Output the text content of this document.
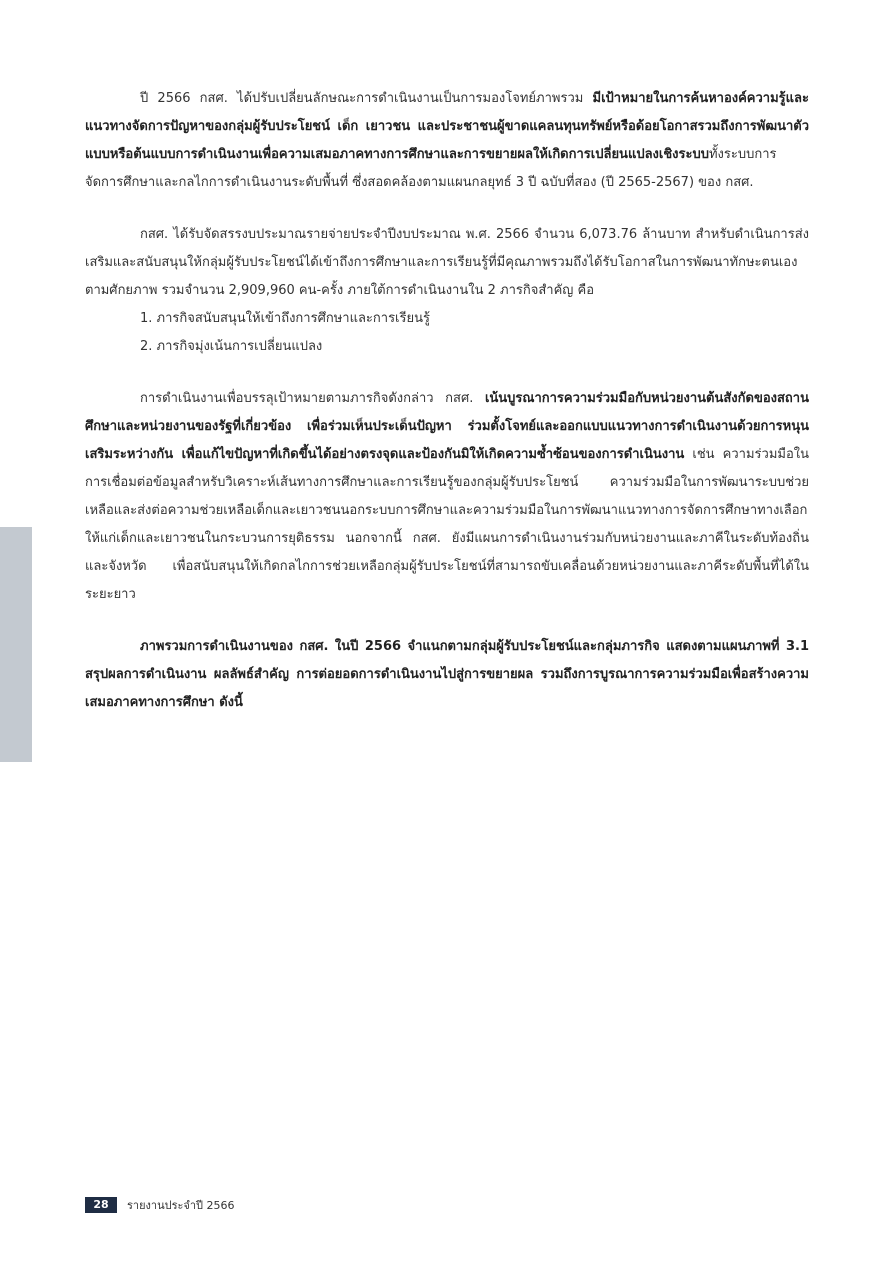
ปี 2566 กสศ. ได้ปรับเปลี่ยนลักษณะการดำเนินงานเป็นการมองโจทย์ภาพรวม มีเป้าหมายในการค้นหาองค์ความรู้และแนวทางจัดการปัญหาของกลุ่มผู้รับประโยชน์ เด็ก เยาวชน และประชาชนผู้ขาดแคลนทุนทรัพย์หรือด้อยโอกาสรวมถึงการพัฒนาตัวแบบหรือต้นแบบการดำเนินงานเพื่อความเสมอภาคทางการศึกษาและการขยายผลให้เกิดการเปลี่ยนแปลงเชิงระบบทั้งระบบการจัดการศึกษาและกลไกการดำเนินงานระดับพื้นที่ ซึ่งสอดคล้องตามแผนกลยุทธ์ 3 ปี ฉบับที่สอง (ปี 2565-2567) ของ กสศ.

กสศ. ได้รับจัดสรรงบประมาณรายจ่ายประจำปีงบประมาณ พ.ศ. 2566 จำนวน 6,073.76 ล้านบาท สำหรับดำเนินการส่งเสริมและสนับสนุนให้กลุ่มผู้รับประโยชน์ได้เข้าถึงการศึกษาและการเรียนรู้ที่มีคุณภาพรวมถึงได้รับโอกาสในการพัฒนาทักษะตนเองตามศักยภาพ รวมจำนวน 2,909,960 คน-ครั้ง ภายใต้การดำเนินงานใน 2 ภารกิจสำคัญ คือ

1. ภารกิจสนับสนุนให้เข้าถึงการศึกษาและการเรียนรู้
2. ภารกิจมุ่งเน้นการเปลี่ยนแปลง

การดำเนินงานเพื่อบรรลุเป้าหมายตามภารกิจดังกล่าว กสศ. เน้นบูรณาการความร่วมมือกับหน่วยงานต้นสังกัดของสถานศึกษาและหน่วยงานของรัฐที่เกี่ยวข้อง เพื่อร่วมเห็นประเด็นปัญหา ร่วมตั้งโจทย์และออกแบบแนวทางการดำเนินงานด้วยการหนุนเสริมระหว่างกัน เพื่อแก้ไขปัญหาที่เกิดขึ้นได้อย่างตรงจุดและป้องกันมิให้เกิดความซ้ำซ้อนของการดำเนินงาน เช่น ความร่วมมือในการเชื่อมต่อข้อมูลสำหรับวิเคราะห์เส้นทางการศึกษาและการเรียนรู้ของกลุ่มผู้รับประโยชน์ ความร่วมมือในการพัฒนาระบบช่วยเหลือและส่งต่อความช่วยเหลือเด็กและเยาวชนนอกระบบการศึกษาและความร่วมมือในการพัฒนาแนวทางการจัดการศึกษาทางเลือกให้แก่เด็กและเยาวชนในกระบวนการยุติธรรม นอกจากนี้ กสศ. ยังมีแผนการดำเนินงานร่วมกับหน่วยงานและภาคีในระดับท้องถิ่นและจังหวัด เพื่อสนับสนุนให้เกิดกลไกการช่วยเหลือกลุ่มผู้รับประโยชน์ที่สามารถขับเคลื่อนด้วยหน่วยงานและภาคีระดับพื้นที่ได้ในระยะยาว

ภาพรวมการดำเนินงานของ กสศ. ในปี 2566 จำแนกตามกลุ่มผู้รับประโยชน์และกลุ่มภารกิจ แสดงตามแผนภาพที่ 3.1 สรุปผลการดำเนินงาน ผลลัพธ์สำคัญ การต่อยอดการดำเนินงานไปสู่การขยายผล รวมถึงการบูรณาการความร่วมมือเพื่อสร้างความเสมอภาคทางการศึกษา ดังนี้

28	รายงานประจำปี 2566
